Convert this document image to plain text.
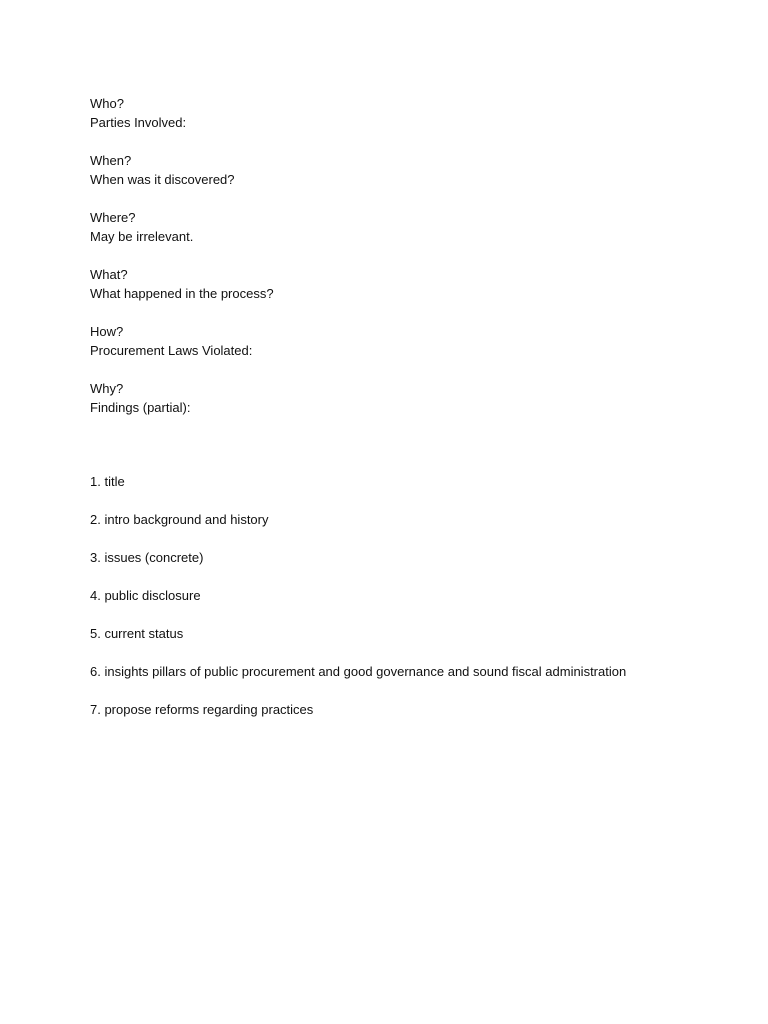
Who?
Parties Involved:
When?
When was it discovered?
Where?
May be irrelevant.
What?
What happened in the process?
How?
Procurement Laws Violated:
Why?
Findings (partial):
1. title
2. intro background and history
3. issues (concrete)
4. public disclosure
5. current status
6. insights pillars of public procurement and good governance and sound fiscal administration
7. propose reforms regarding practices
